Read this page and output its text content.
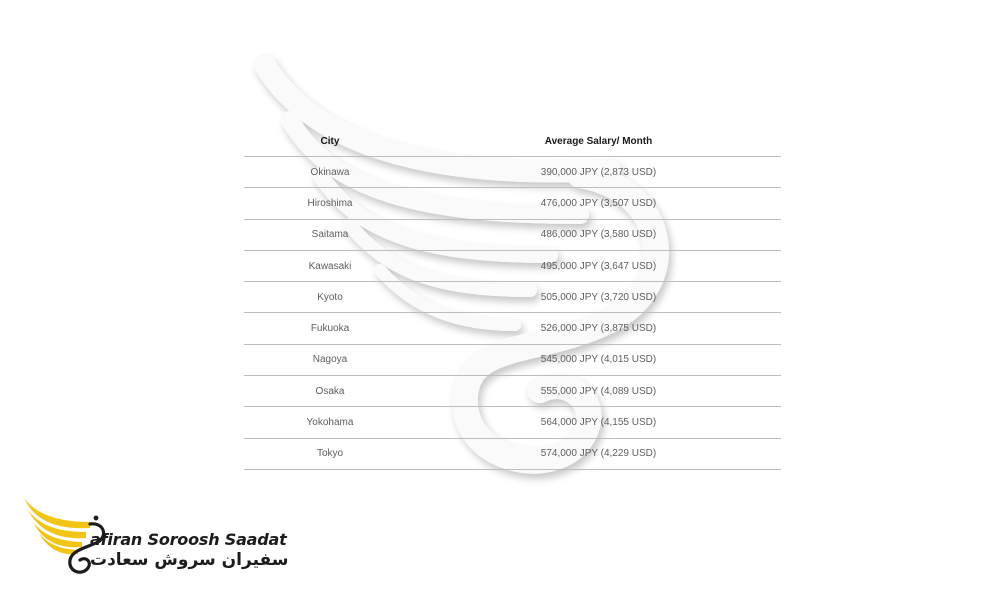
City	Average Salary/ Month
Okinawa	390,000 JPY (2,873 USD)
Hiroshima	476,000 JPY (3,507 USD)
Saitama	486,000 JPY (3,580 USD)
Kawasaki	495,000 JPY (3,647 USD)
Kyoto	505,000 JPY (3,720 USD)
Fukuoka	526,000 JPY (3,875 USD)
Nagoya	545,000 JPY (4,015 USD)
Osaka	555,000 JPY (4,089 USD)
Yokohama	564,000 JPY (4,155 USD)
Tokyo	574,000 JPY (4,229 USD)
afiran Soroosh Saadat
سفیران سروش سعادت
